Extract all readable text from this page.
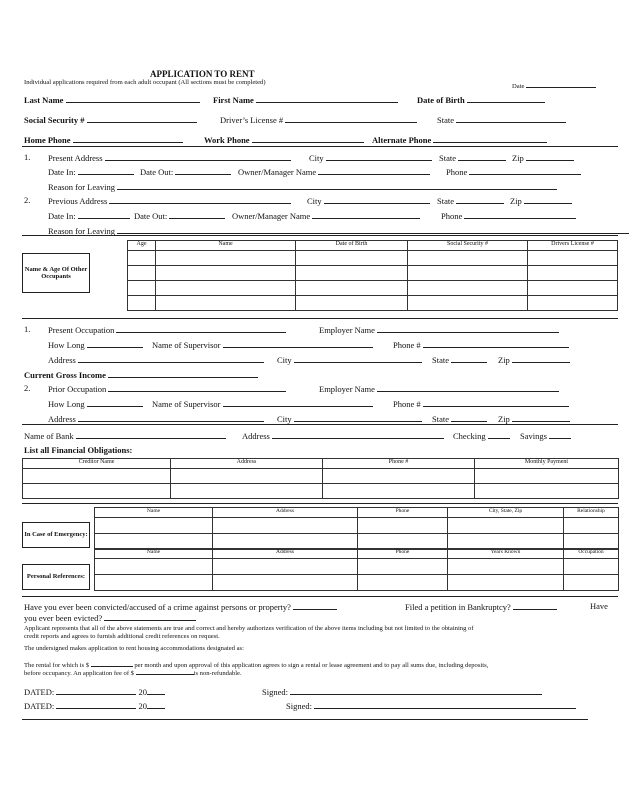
APPLICATION TO RENT
Individual applications required from each adult occupant (All sections must be completed)
Date
Last Name	First Name	Date of Birth
Social Security #	Driver’s License #	State
Home Phone	Work Phone	Alternate Phone
1. Present Address	City	State	Zip
Date In:	Date Out:	Owner/Manager Name	Phone
Reason for Leaving
2. Previous Address	City	State	Zip
Date In:	Date Out:	Owner/Manager Name	Phone
Reason for Leaving
Name & Age Of Other Occupants
Age	Name	Date of Birth	Social Security #	Drivers License #

1. Present Occupation	Employer Name
How Long	Name of Supervisor	Phone #
Address	City	State	Zip
Current Gross Income
2. Prior Occupation	Employer Name
How Long	Name of Supervisor	Phone #
Address	City	State	Zip
Name of Bank	Address	Checking	Savings
List all Financial Obligations:
Creditor Name	Address	Phone #	Monthly Payment

In Case of Emergency:
Name	Address	Phone	City, State, Zip	Relationship

Personal References:
Name	Address	Phone	Years Known	Occupation

Have you ever been convicted/accused of a crime against persons or property?	Filed a petition in Bankruptcy?	Have
you ever been evicted?
Applicant represents that all of the above statements are true and correct and hereby authorizes verification of the above items including but not limited to the obtaining of
credit reports and agrees to furnish additional credit references on request.
The undersigned makes application to rent housing accommodations designated as:
The rental for which is $	per month and upon approval of this application agrees to sign a rental or lease agreement and to pay all sums due, including deposits,
before occupancy. An application fee of $	is non-refundable.
DATED:	20	Signed:
DATED:	20	Signed:
